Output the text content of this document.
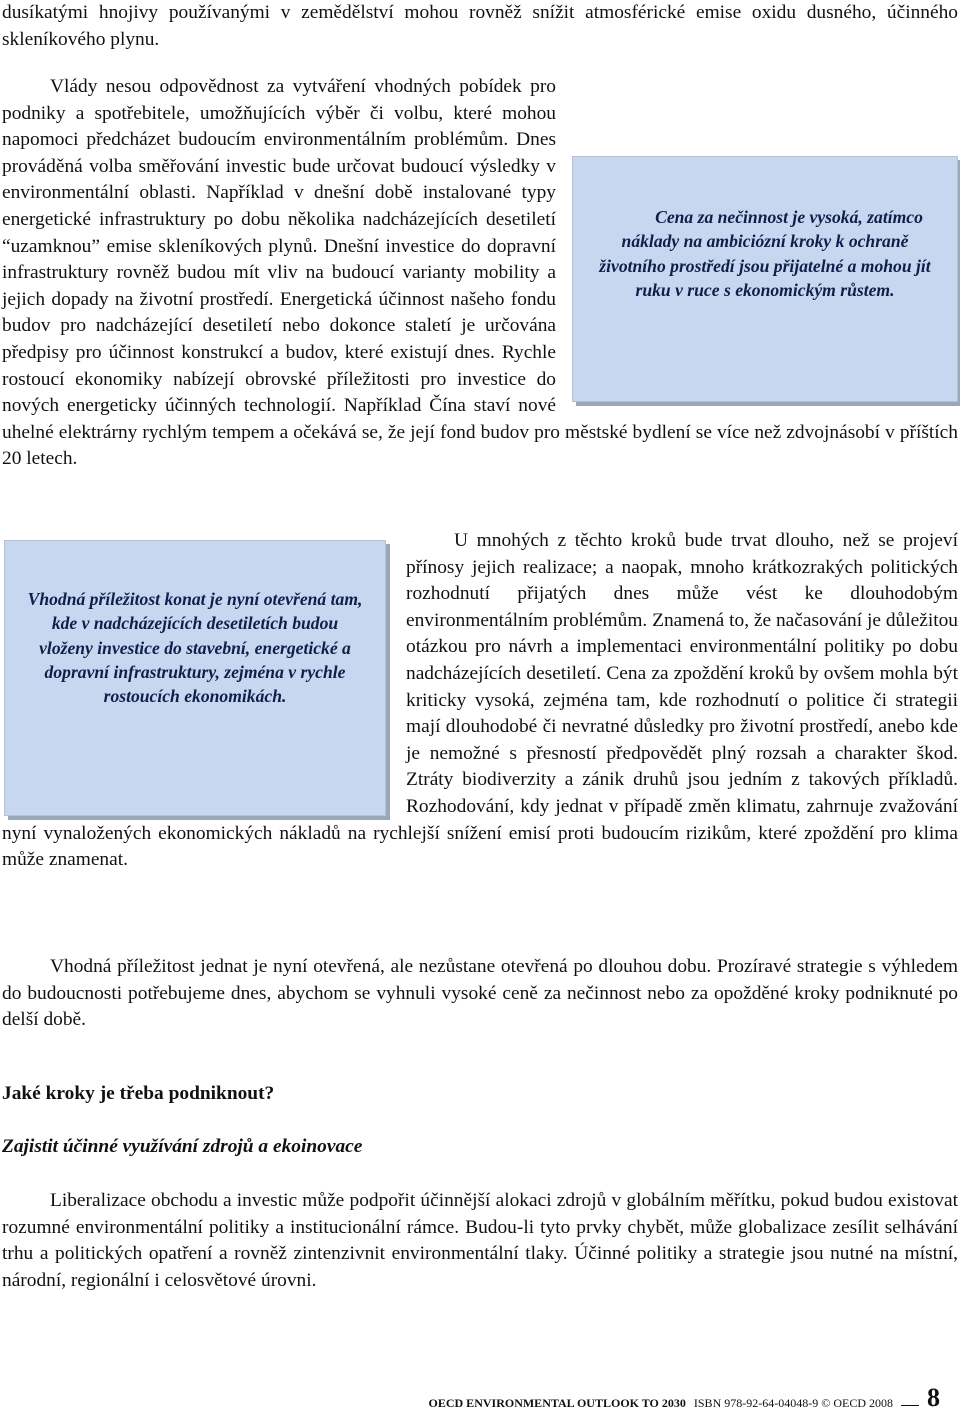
dusíkatými hnojivy používanými v zemědělství mohou rovněž snížit atmosférické emise oxidu dusného, účinného skleníkového plynu.

Cena za nečinnost je vysoká, zatímco náklady na ambiciózní kroky k ochraně životního prostředí jsou přijatelné a mohou jít ruku v ruce s ekonomickým růstem.

Vlády nesou odpovědnost za vytváření vhodných pobídek pro podniky a spotřebitele, umožňujících výběr či volbu, které mohou napomoci předcházet budoucím environmentálním problémům. Dnes prováděná volba směřování investic bude určovat budoucí výsledky v environmentální oblasti. Například v dnešní době instalované typy energetické infrastruktury po dobu několika nadcházejících desetiletí “uzamknou” emise skleníkových plynů. Dnešní investice do dopravní infrastruktury rovněž budou mít vliv na budoucí varianty mobility a jejich dopady na životní prostředí. Energetická účinnost našeho fondu budov pro nadcházející desetiletí nebo dokonce staletí je určována předpisy pro účinnost konstrukcí a budov, které existují dnes. Rychle rostoucí ekonomiky nabízejí obrovské příležitosti pro investice do nových energeticky účinných technologií. Například Čína staví nové uhelné elektrárny rychlým tempem a očekává se, že její fond budov pro městské bydlení se více než zdvojnásobí v příštích 20 letech.

Vhodná příležitost konat je nyní otevřená tam, kde v nadcházejících desetiletích budou vloženy investice do stavební, energetické a dopravní infrastruktury, zejména v rychle rostoucích ekonomikách.

U mnohých z těchto kroků bude trvat dlouho, než se projeví přínosy jejich realizace; a naopak, mnoho krátkozrakých politických rozhodnutí přijatých dnes může vést ke dlouhodobým environmentálním problémům. Znamená to, že načasování je důležitou otázkou pro návrh a implementaci environmentální politiky po dobu nadcházejících desetiletí. Cena za zpoždění kroků by ovšem mohla být kriticky vysoká, zejména tam, kde rozhodnutí o politice či strategii mají dlouhodobé či nevratné důsledky pro životní prostředí, anebo kde je nemožné s přesností předpovědět plný rozsah a charakter škod. Ztráty biodiverzity a zánik druhů jsou jedním z takových příkladů. Rozhodování, kdy jednat v případě změn klimatu, zahrnuje zvažování nyní vynaložených ekonomických nákladů na rychlejší snížení emisí proti budoucím rizikům, které zpoždění pro klima může znamenat.

Vhodná příležitost jednat je nyní otevřená, ale nezůstane otevřená po dlouhou dobu. Prozíravé strategie s výhledem do budoucnosti potřebujeme dnes, abychom se vyhnuli vysoké ceně za nečinnost nebo za opožděné kroky podniknuté po delší době.

Jaké kroky je třeba podniknout?
Zajistit účinné využívání zdrojů a ekoinovace

Liberalizace obchodu a investic může podpořit účinnější alokaci zdrojů v globálním měřítku, pokud budou existovat rozumné environmentální politiky a institucionální rámce. Budou-li tyto prvky chybět, může globalizace zesílit selhávání trhu a politických opatření a rovněž zintenzivnit environmentální tlaky. Účinné politiky a strategie jsou nutné na místní, národní, regionální i celosvětové úrovni.

OECD ENVIRONMENTAL OUTLOOK TO 2030 ISBN 978-92-64-04048-9 © OECD 2008 8
